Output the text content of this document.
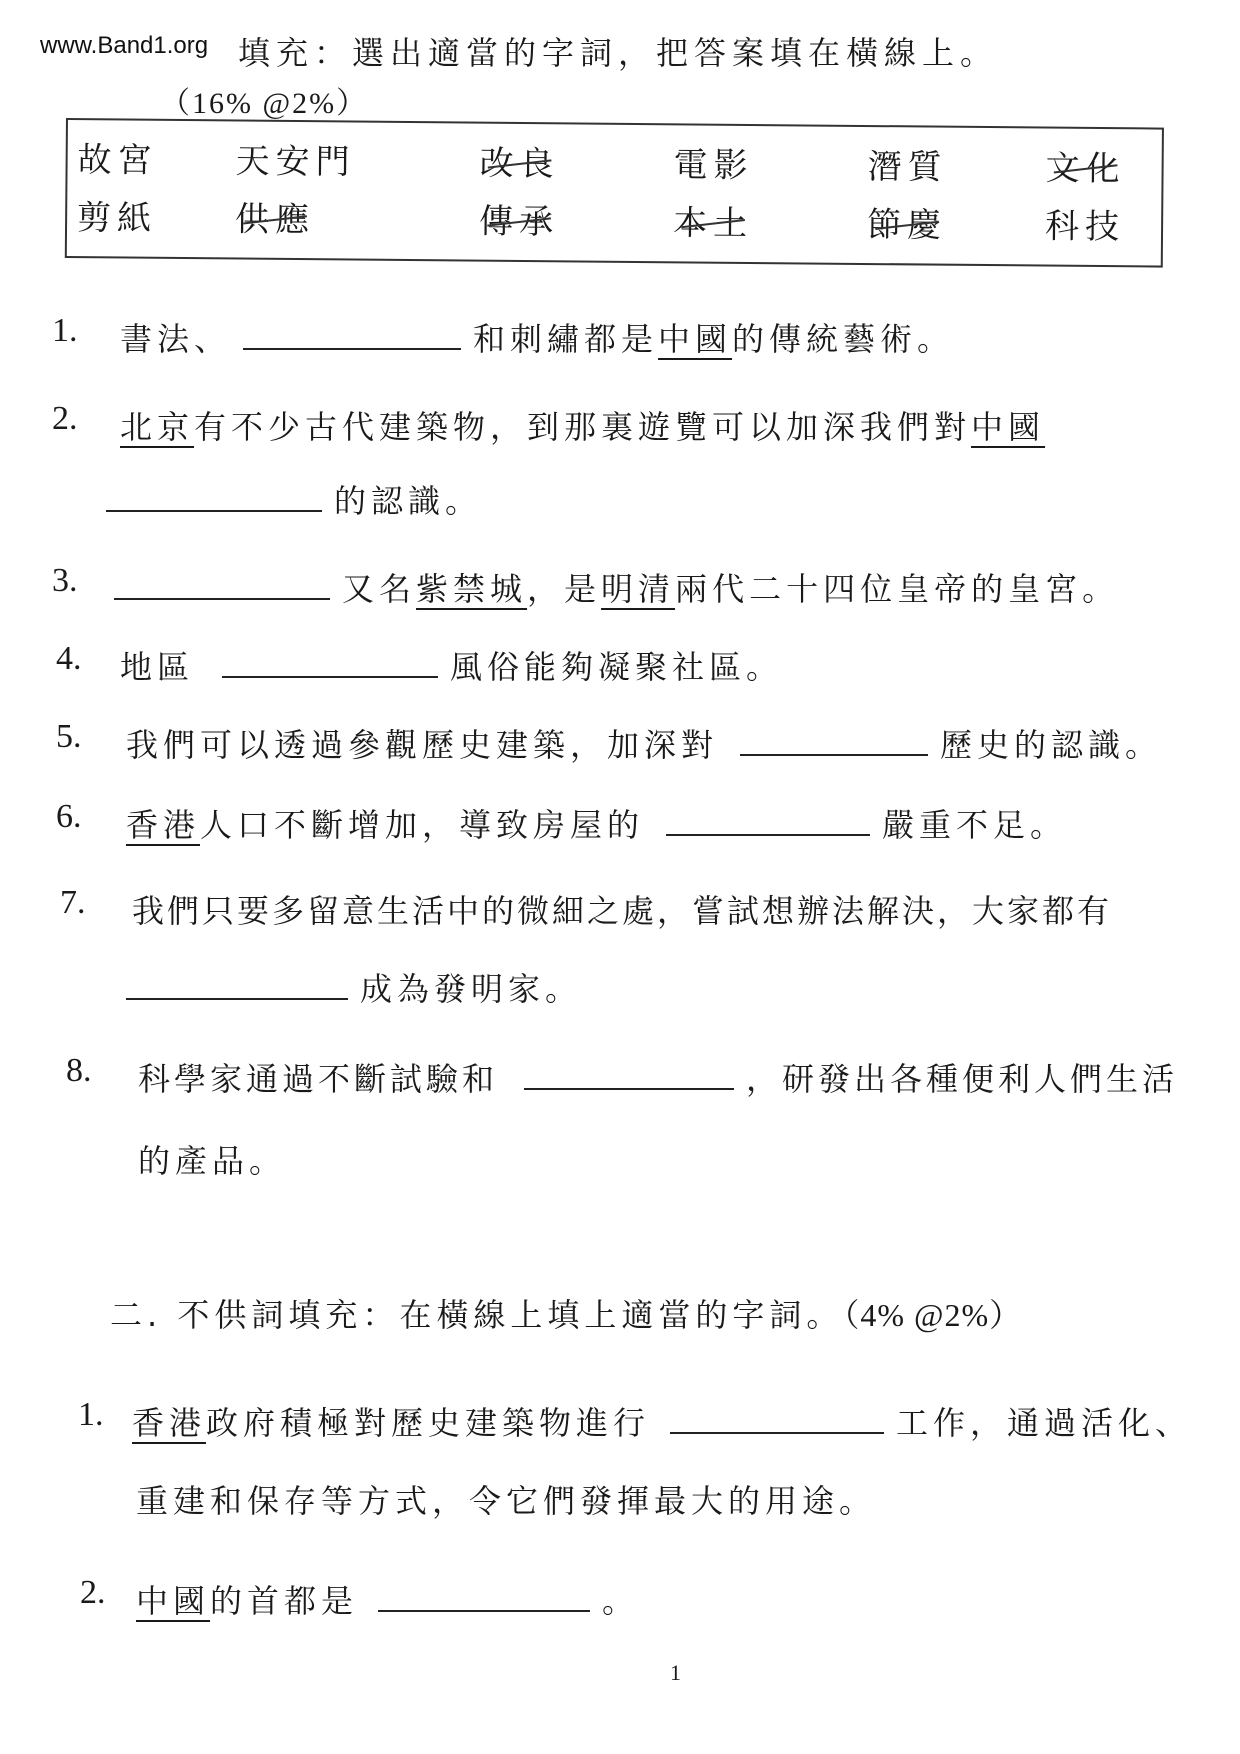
www.Band1.org 填充：選出適當的字詞，把答案填在橫線上。
（16% @2%）
故宮 天安門	改良	電影	潛質	文化
剪紙 供應	傳承	本土	節慶	科技
1. 書法、	和刺繡都是中國的傳統藝術。
2. 北京有不少古代建築物，到那裏遊覽可以加深我們對中國
的認識。
3.	又名紫禁城，是明清兩代二十四位皇帝的皇宮。
4. 地區	風俗能夠凝聚社區。
5. 我們可以透過參觀歷史建築，加深對	歷史的認識。
6. 香港人口不斷增加，導致房屋的	嚴重不足。
7. 我們只要多留意生活中的微細之處，嘗試想辦法解決，大家都有
成為發明家。
8. 科學家通過不斷試驗和	，研發出各種便利人們生活
的產品。
二. 不供詞填充：在橫線上填上適當的字詞。（4% @2%）
1. 香港政府積極對歷史建築物進行	工作，通過活化、
重建和保存等方式，令它們發揮最大的用途。
2. 中國的首都是	。
1
